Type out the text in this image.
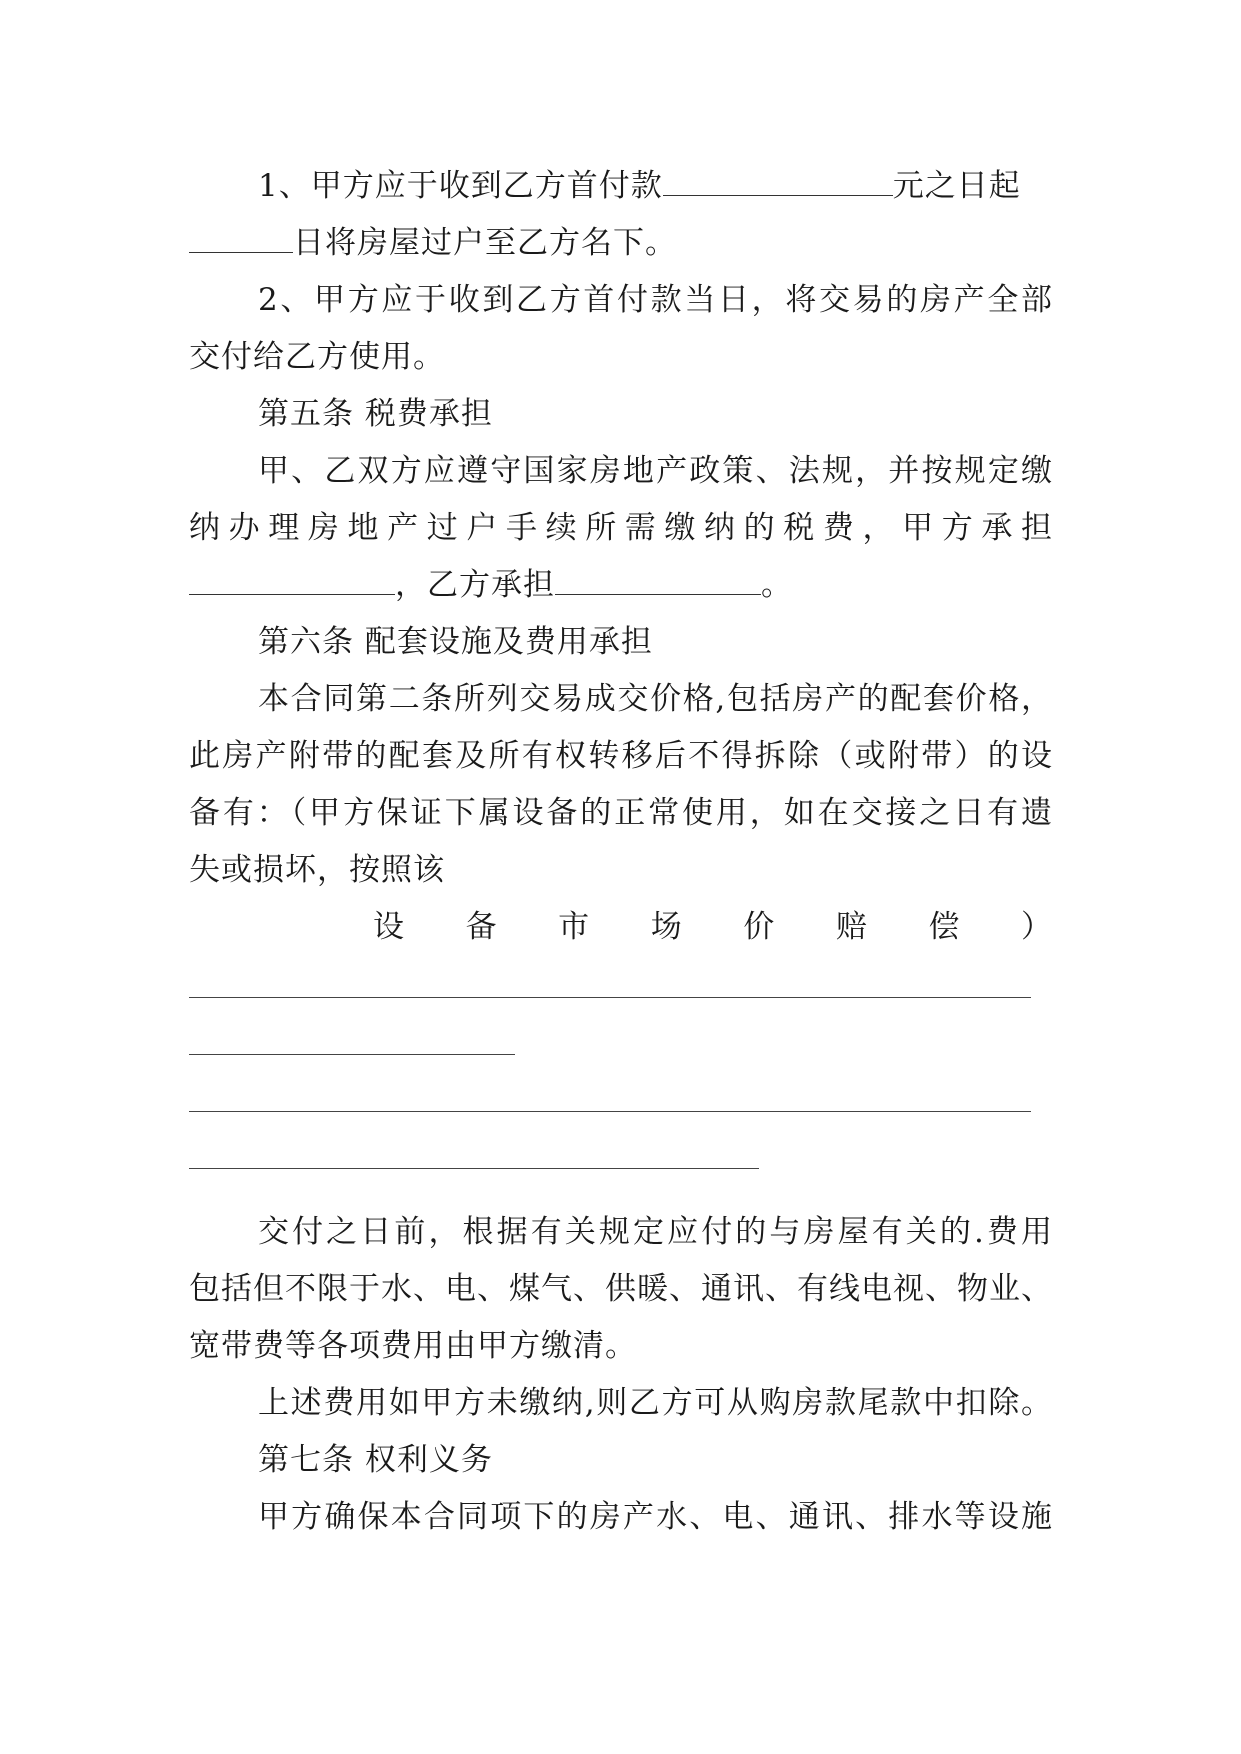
1、甲方应于收到乙方首付款	元之日起
日将房屋过户至乙方名下。
2、甲方应于收到乙方首付款当日，将交易的房产全部
交付给乙方使用。
第五条 税费承担
甲、乙双方应遵守国家房地产政策、法规，并按规定缴
纳办理房地产过户手续所需缴纳的税费，甲方承担
，乙方承担	。
第六条 配套设施及费用承担
本合同第二条所列交易成交价格,包括房产的配套价格，
此房产附带的配套及所有权转移后不得拆除（或附带）的设
备有：（甲方保证下属设备的正常使用，如在交接之日有遗
失或损坏，按照该
设备市场价赔偿）
交付之日前，根据有关规定应付的与房屋有关的.费用
包括但不限于水、电、煤气、供暖、通讯、有线电视、物业、
宽带费等各项费用由甲方缴清。
上述费用如甲方未缴纳,则乙方可从购房款尾款中扣除。
第七条 权利义务
甲方确保本合同项下的房产水、电、通讯、排水等设施
